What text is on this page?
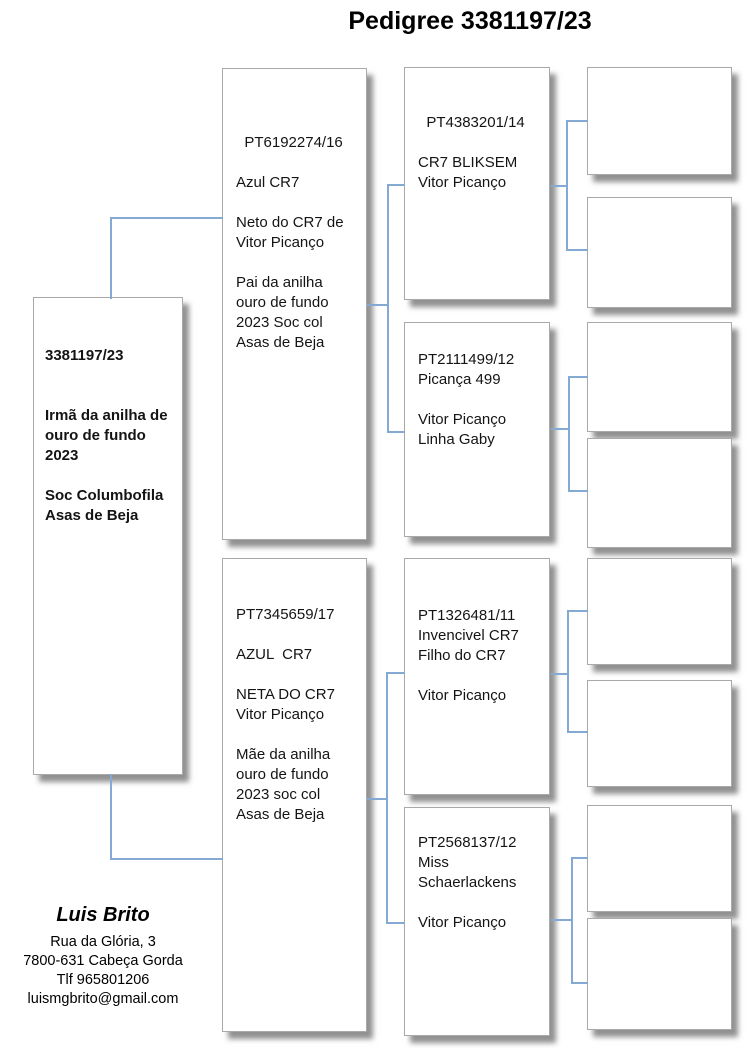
Pedigree 3381197/23
3381197/23
Irmã da anilha de
ouro de fundo
2023
Soc Columbofila
Asas de Beja
PT6192274/16
Azul CR7
Neto do CR7 de
Vitor Picanço
Pai da anilha
ouro de fundo
2023 Soc col
Asas de Beja
PT7345659/17
AZUL  CR7
NETA DO CR7
Vitor Picanço
Mãe da anilha
ouro de fundo
2023 soc col
Asas de Beja
PT4383201/14
CR7 BLIKSEM
Vitor Picanço
PT2111499/12
Picança 499
Vitor Picanço
Linha Gaby
PT1326481/11
Invencivel CR7
Filho do CR7
Vitor Picanço
PT2568137/12
Miss
Schaerlackens
Vitor Picanço
Luis Brito
Rua da Glória, 3
7800-631 Cabeça Gorda
Tlf 965801206
luismgbrito@gmail.com
